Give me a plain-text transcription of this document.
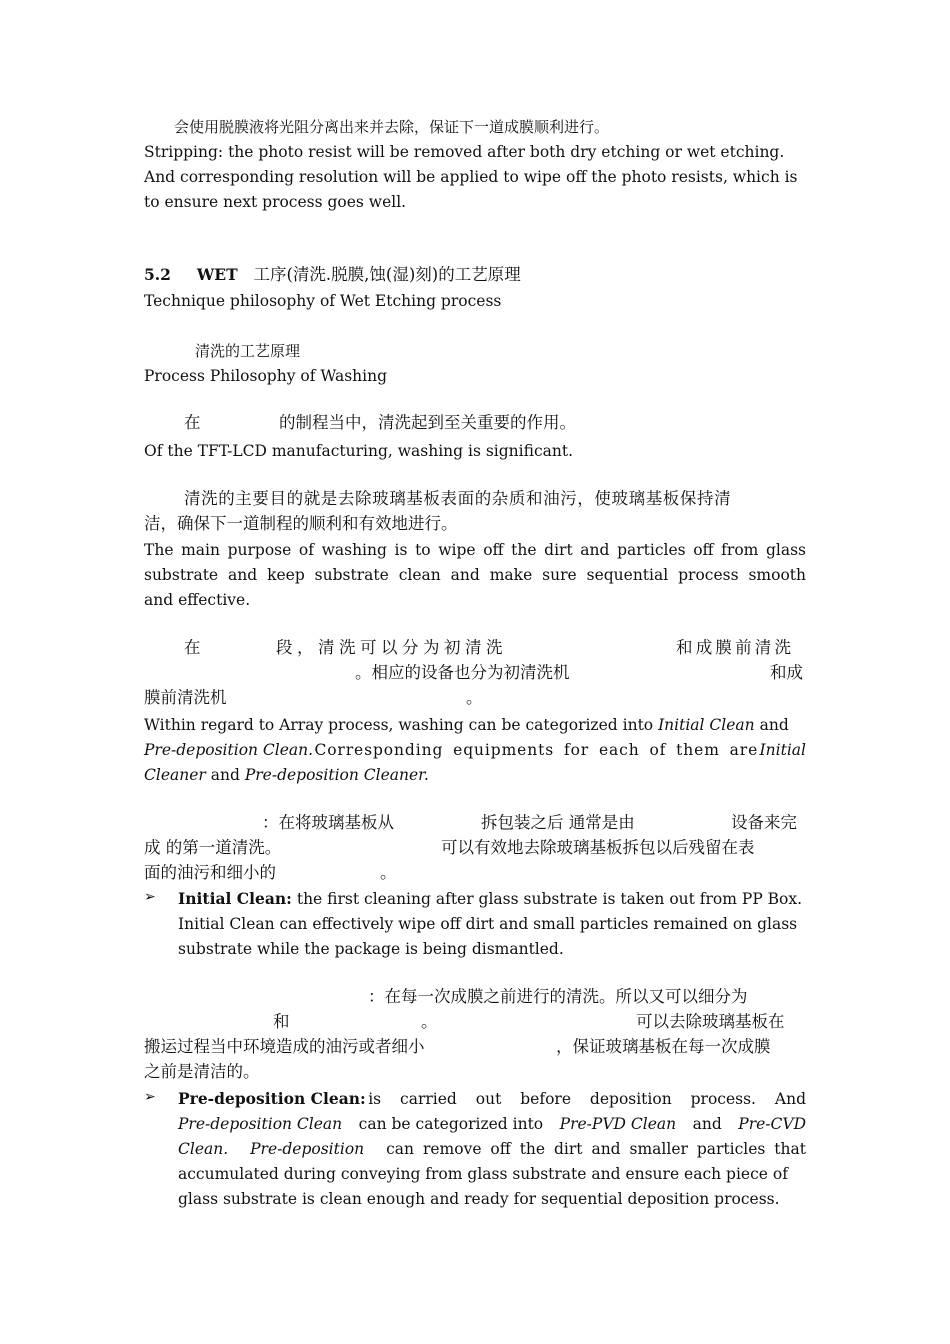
会使用脱膜液将光阻分离出来并去除，保证下一道成膜顺利进行。
Stripping: the photo resist will be removed after both dry etching or wet etching.
And corresponding resolution will be applied to wipe off the photo resists, which is
to ensure next process goes well.
5.2 WET 工序(清洗.脱膜,蚀(湿)刻)的工艺原理
Technique philosophy of Wet Etching process
清洗的工艺原理
Process Philosophy of Washing
在	的制程当中，清洗起到至关重要的作用。
Of the TFT-LCD manufacturing, washing is significant.
清洗的主要目的就是去除玻璃基板表面的杂质和油污，使玻璃基板保持清
洁，确保下一道制程的顺利和有效地进行。
The main purpose of washing is to wipe off the dirt and particles off from glass
substrate and keep substrate clean and make sure sequential process smooth
and effective.
在	段，清洗可以分为初清洗	和成膜前清洗
。相应的设备也分为初清洗机	和成
膜前清洗机	。
Within regard to Array process, washing can be categorized into Initial Clean and
Pre-deposition Clean. Corresponding equipments for each of them are Initial
Cleaner and Pre-deposition Cleaner.
：在将玻璃基板从	拆包装之后 通常是由	设备来完
成 的第一道清洗。	可以有效地去除玻璃基板拆包以后残留在表
面的油污和细小的	。
➢ Initial Clean: the first cleaning after glass substrate is taken out from PP Box.
Initial Clean can effectively wipe off dirt and small particles remained on glass
substrate while the package is being dismantled.
：在每一次成膜之前进行的清洗。所以又可以细分为
和	。	可以去除玻璃基板在
搬运过程当中环境造成的油污或者细小	，保证玻璃基板在每一次成膜
之前是清洁的。
➢ Pre-deposition Clean: is carried out before deposition process. And
Pre-deposition Clean can be categorized into Pre-PVD Clean and Pre-CVD
Clean. Pre-deposition can remove off the dirt and smaller particles that
accumulated during conveying from glass substrate and ensure each piece of
glass substrate is clean enough and ready for sequential deposition process.
